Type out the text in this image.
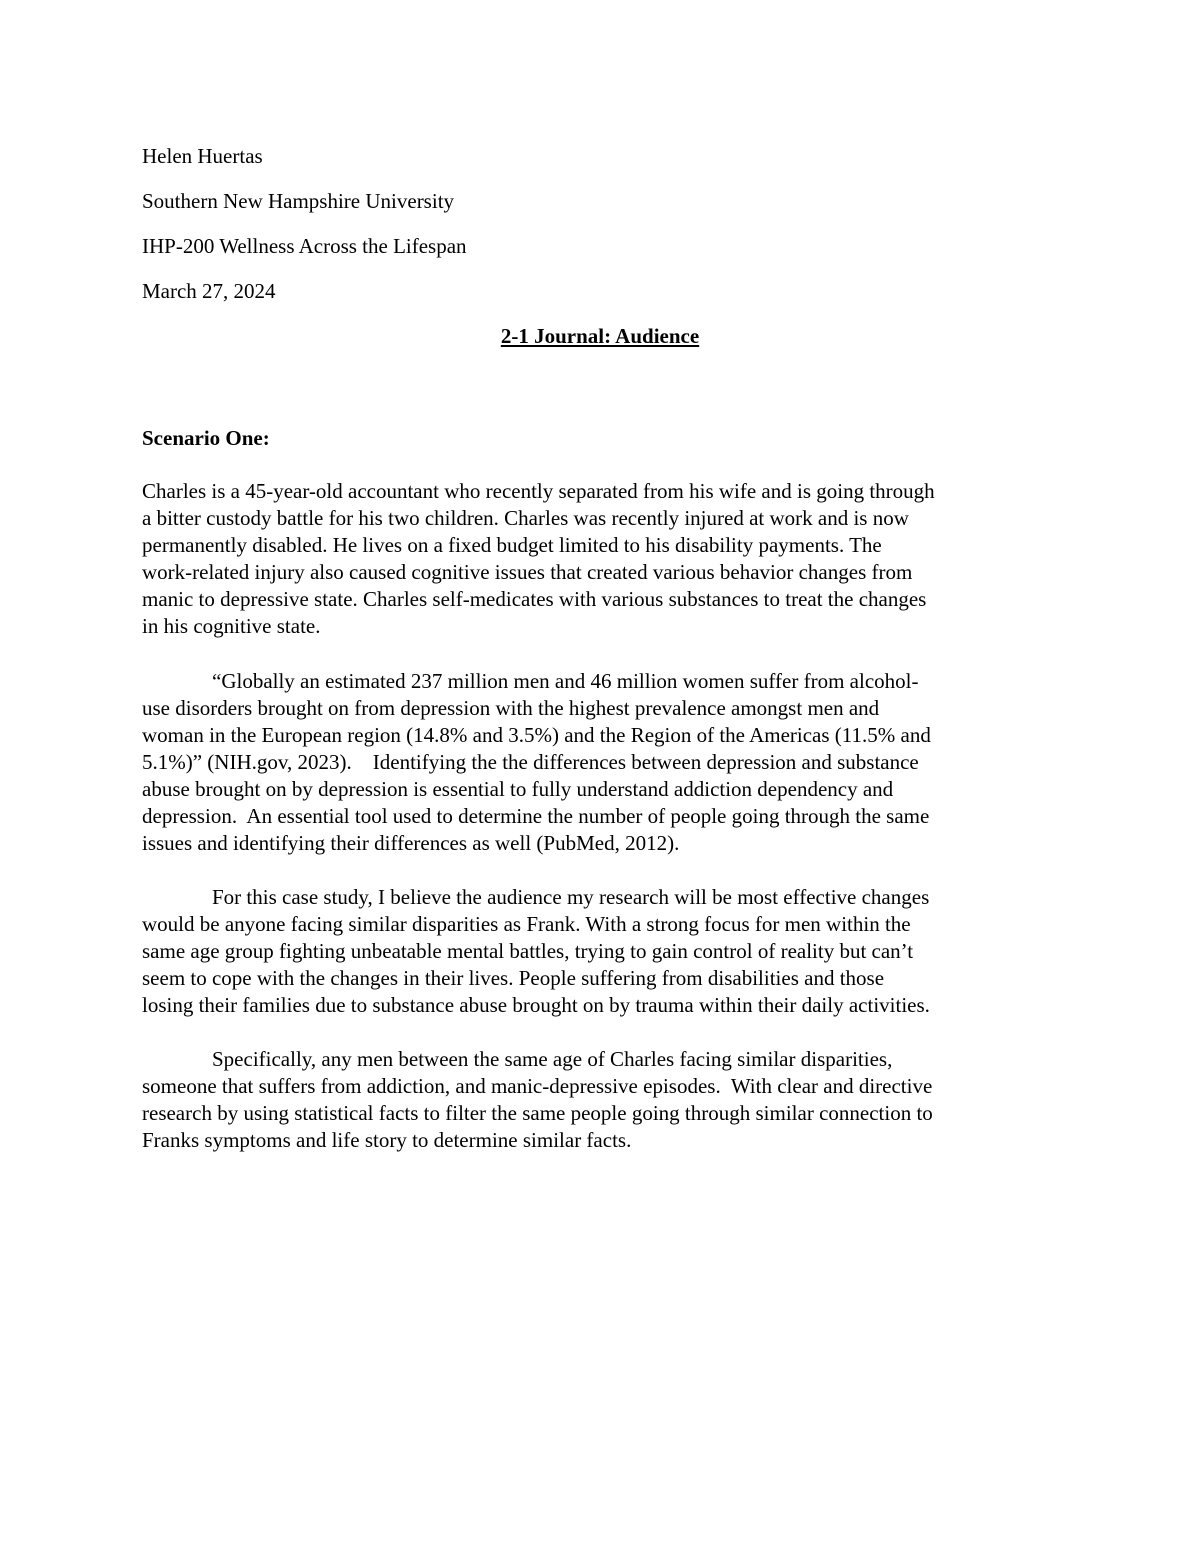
Helen Huertas
Southern New Hampshire University
IHP-200 Wellness Across the Lifespan
March 27, 2024
2-1 Journal: Audience
Scenario One:
Charles is a 45-year-old accountant who recently separated from his wife and is going through
a bitter custody battle for his two children. Charles was recently injured at work and is now
permanently disabled. He lives on a fixed budget limited to his disability payments. The
work-related injury also caused cognitive issues that created various behavior changes from
manic to depressive state. Charles self-medicates with various substances to treat the changes
in his cognitive state.
“Globally an estimated 237 million men and 46 million women suffer from alcohol-
use disorders brought on from depression with the highest prevalence amongst men and
woman in the European region (14.8% and 3.5%) and the Region of the Americas (11.5% and
5.1%)” (NIH.gov, 2023).    Identifying the the differences between depression and substance
abuse brought on by depression is essential to fully understand addiction dependency and
depression.  An essential tool used to determine the number of people going through the same
issues and identifying their differences as well (PubMed, 2012).
For this case study, I believe the audience my research will be most effective changes
would be anyone facing similar disparities as Frank. With a strong focus for men within the
same age group fighting unbeatable mental battles, trying to gain control of reality but can’t
seem to cope with the changes in their lives. People suffering from disabilities and those
losing their families due to substance abuse brought on by trauma within their daily activities.
Specifically, any men between the same age of Charles facing similar disparities,
someone that suffers from addiction, and manic-depressive episodes.  With clear and directive
research by using statistical facts to filter the same people going through similar connection to
Franks symptoms and life story to determine similar facts.
